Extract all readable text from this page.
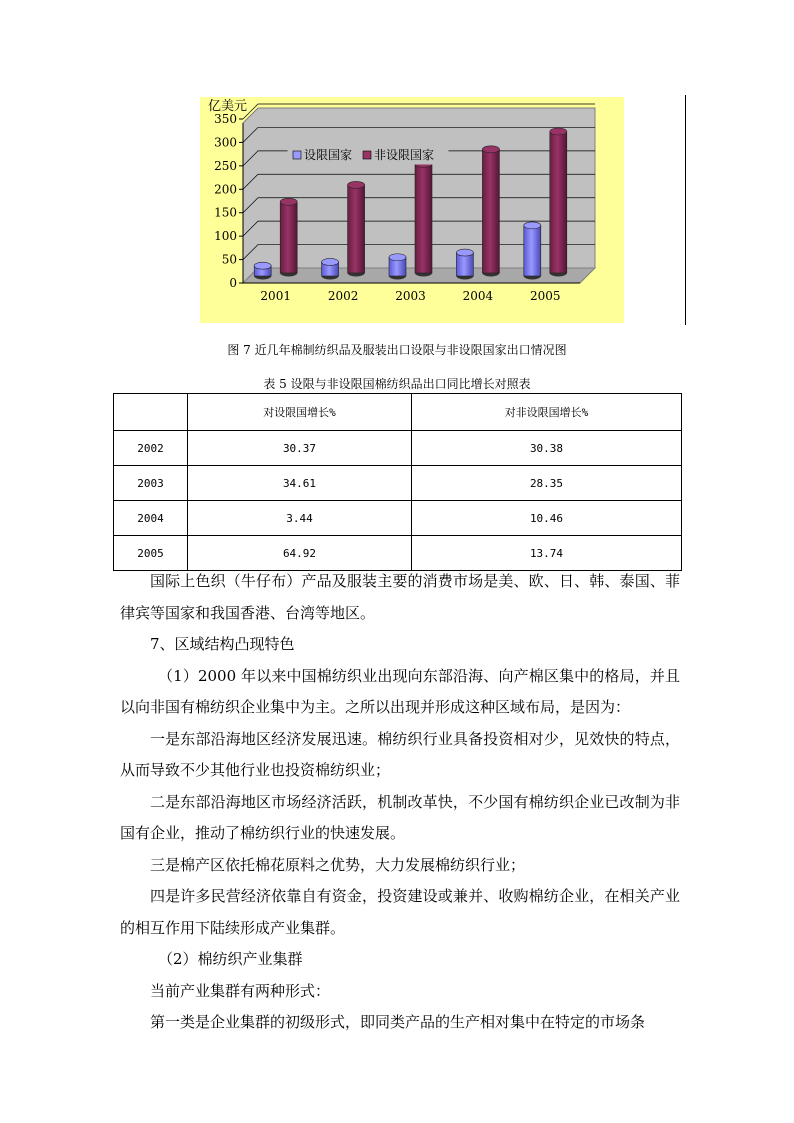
0
50
100
150
200
250
300
350
亿美元
2001	2002	2003	2004	2005
设限国家 非设限国家
图 7 近几年棉制纺织品及服装出口设限与非设限国家出口情况图
表 5 设限与非设限国棉纺织品出口同比增长对照表
	对设限国增长%	对非设限国增长%
2002	30.37	30.38
2003	34.61	28.35
2004	3.44	10.46
2005	64.92	13.74

国际上色织（牛仔布）产品及服装主要的消费市场是美、欧、日、韩、泰国、菲律宾等国家和我国香港、台湾等地区。

7、区域结构凸现特色

（1）2000 年以来中国棉纺织业出现向东部沿海、向产棉区集中的格局，并且以向非国有棉纺织企业集中为主。之所以出现并形成这种区域布局，是因为：

一是东部沿海地区经济发展迅速。棉纺织行业具备投资相对少，见效快的特点，从而导致不少其他行业也投资棉纺织业；

二是东部沿海地区市场经济活跃，机制改革快，不少国有棉纺织企业已改制为非国有企业，推动了棉纺织行业的快速发展。

三是棉产区依托棉花原料之优势，大力发展棉纺织行业；

四是许多民营经济依靠自有资金，投资建设或兼并、收购棉纺企业，在相关产业的相互作用下陆续形成产业集群。

（2）棉纺织产业集群

当前产业集群有两种形式：

第一类是企业集群的初级形式，即同类产品的生产相对集中在特定的市场条
